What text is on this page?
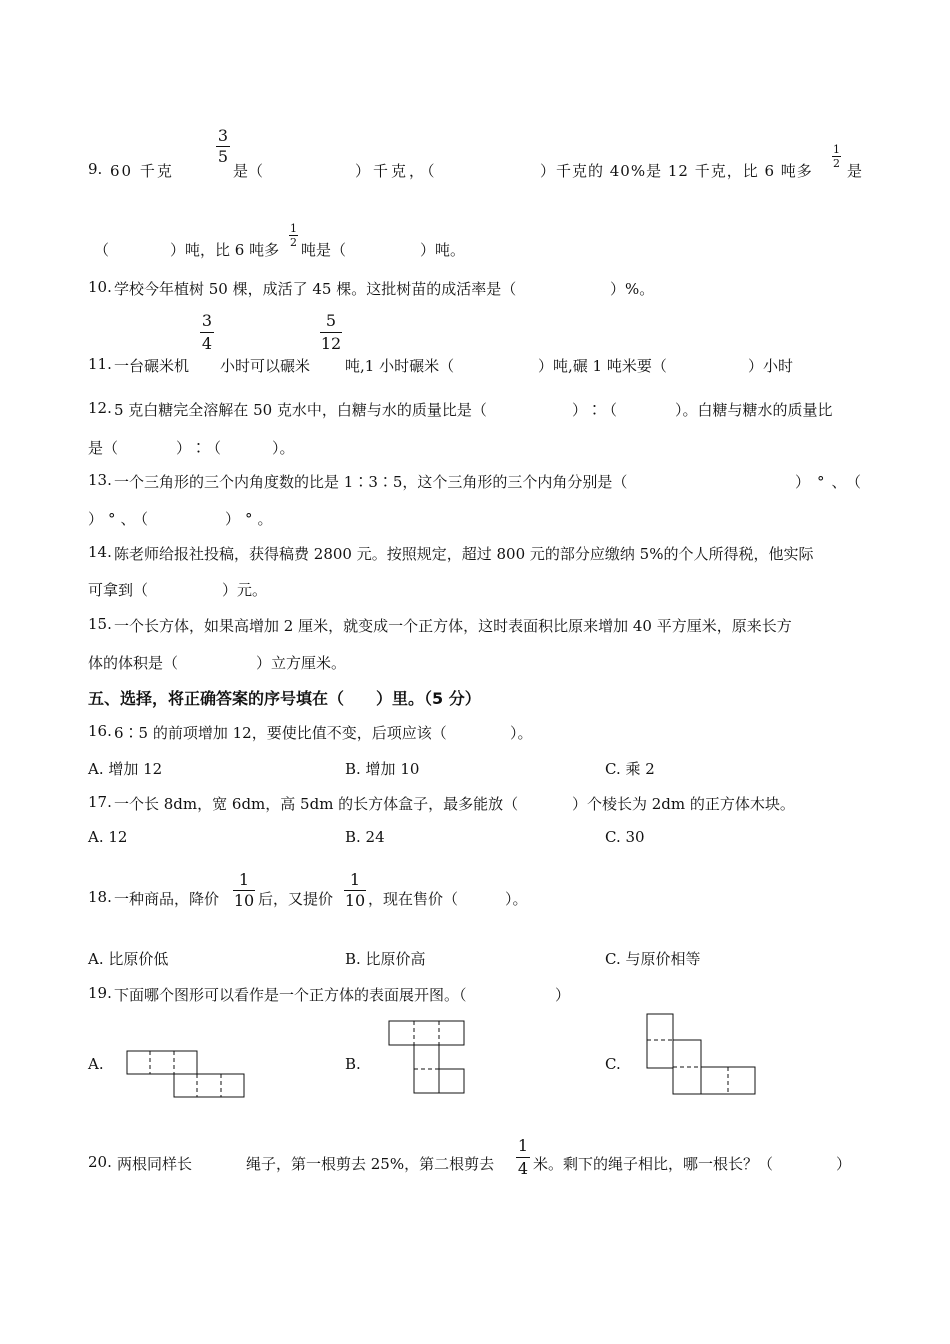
9. 60 千克
3
5
是（	）千克，（	）千克的 40%是 12 千克，比 6 吨多
1
2 是
（	）吨，比 6 吨多
1
2 吨是（	）吨。
10. 学校今年植树 50 棵，成活了 45 棵。这批树苗的成活率是（	）%。
11. 一台碾米机
3
4
小时可以碾米
5
12
吨,1 小时碾米（	）吨,碾 1 吨米要（	）小时
12. 5 克白糖完全溶解在 50 克水中，白糖与水的质量比是（	）∶（	）。白糖与糖水的质量比
是（	）∶（	）。
13. 一个三角形的三个内角度数的比是 1∶3∶5，这个三角形的三个内角分别是（	）°、（
）°、（	）°。
14. 陈老师给报社投稿，获得稿费 2800 元。按照规定，超过 800 元的部分应缴纳 5%的个人所得税，他实际
可拿到（	）元。
15. 一个长方体，如果高增加 2 厘米，就变成一个正方体，这时表面积比原来增加 40 平方厘米，原来长方
体的体积是（	）立方厘米。
五、选择，将正确答案的序号填在（　　）里。（5 分）
16. 6∶5 的前项增加 12，要使比值不变，后项应该（	）。
A. 增加 12	B. 增加 10	C. 乘 2
17. 一个长 8dm，宽 6dm，高 5dm 的长方体盒子，最多能放（	）个棱长为 2dm 的正方体木块。
A. 12	B. 24	C. 30
18. 一种商品，降价
1
10 后，又提价
1
10 ，现在售价（	）。
A. 比原价低	B. 比原价高	C. 与原价相等
19. 下面哪个图形可以看作是一个正方体的表面展开图。（	）
A.	B.	C.
20. 两根同样长	绳子，第一根剪去 25%，第二根剪去
1
4 米。剩下的绳子相比，哪一根长？（	）
